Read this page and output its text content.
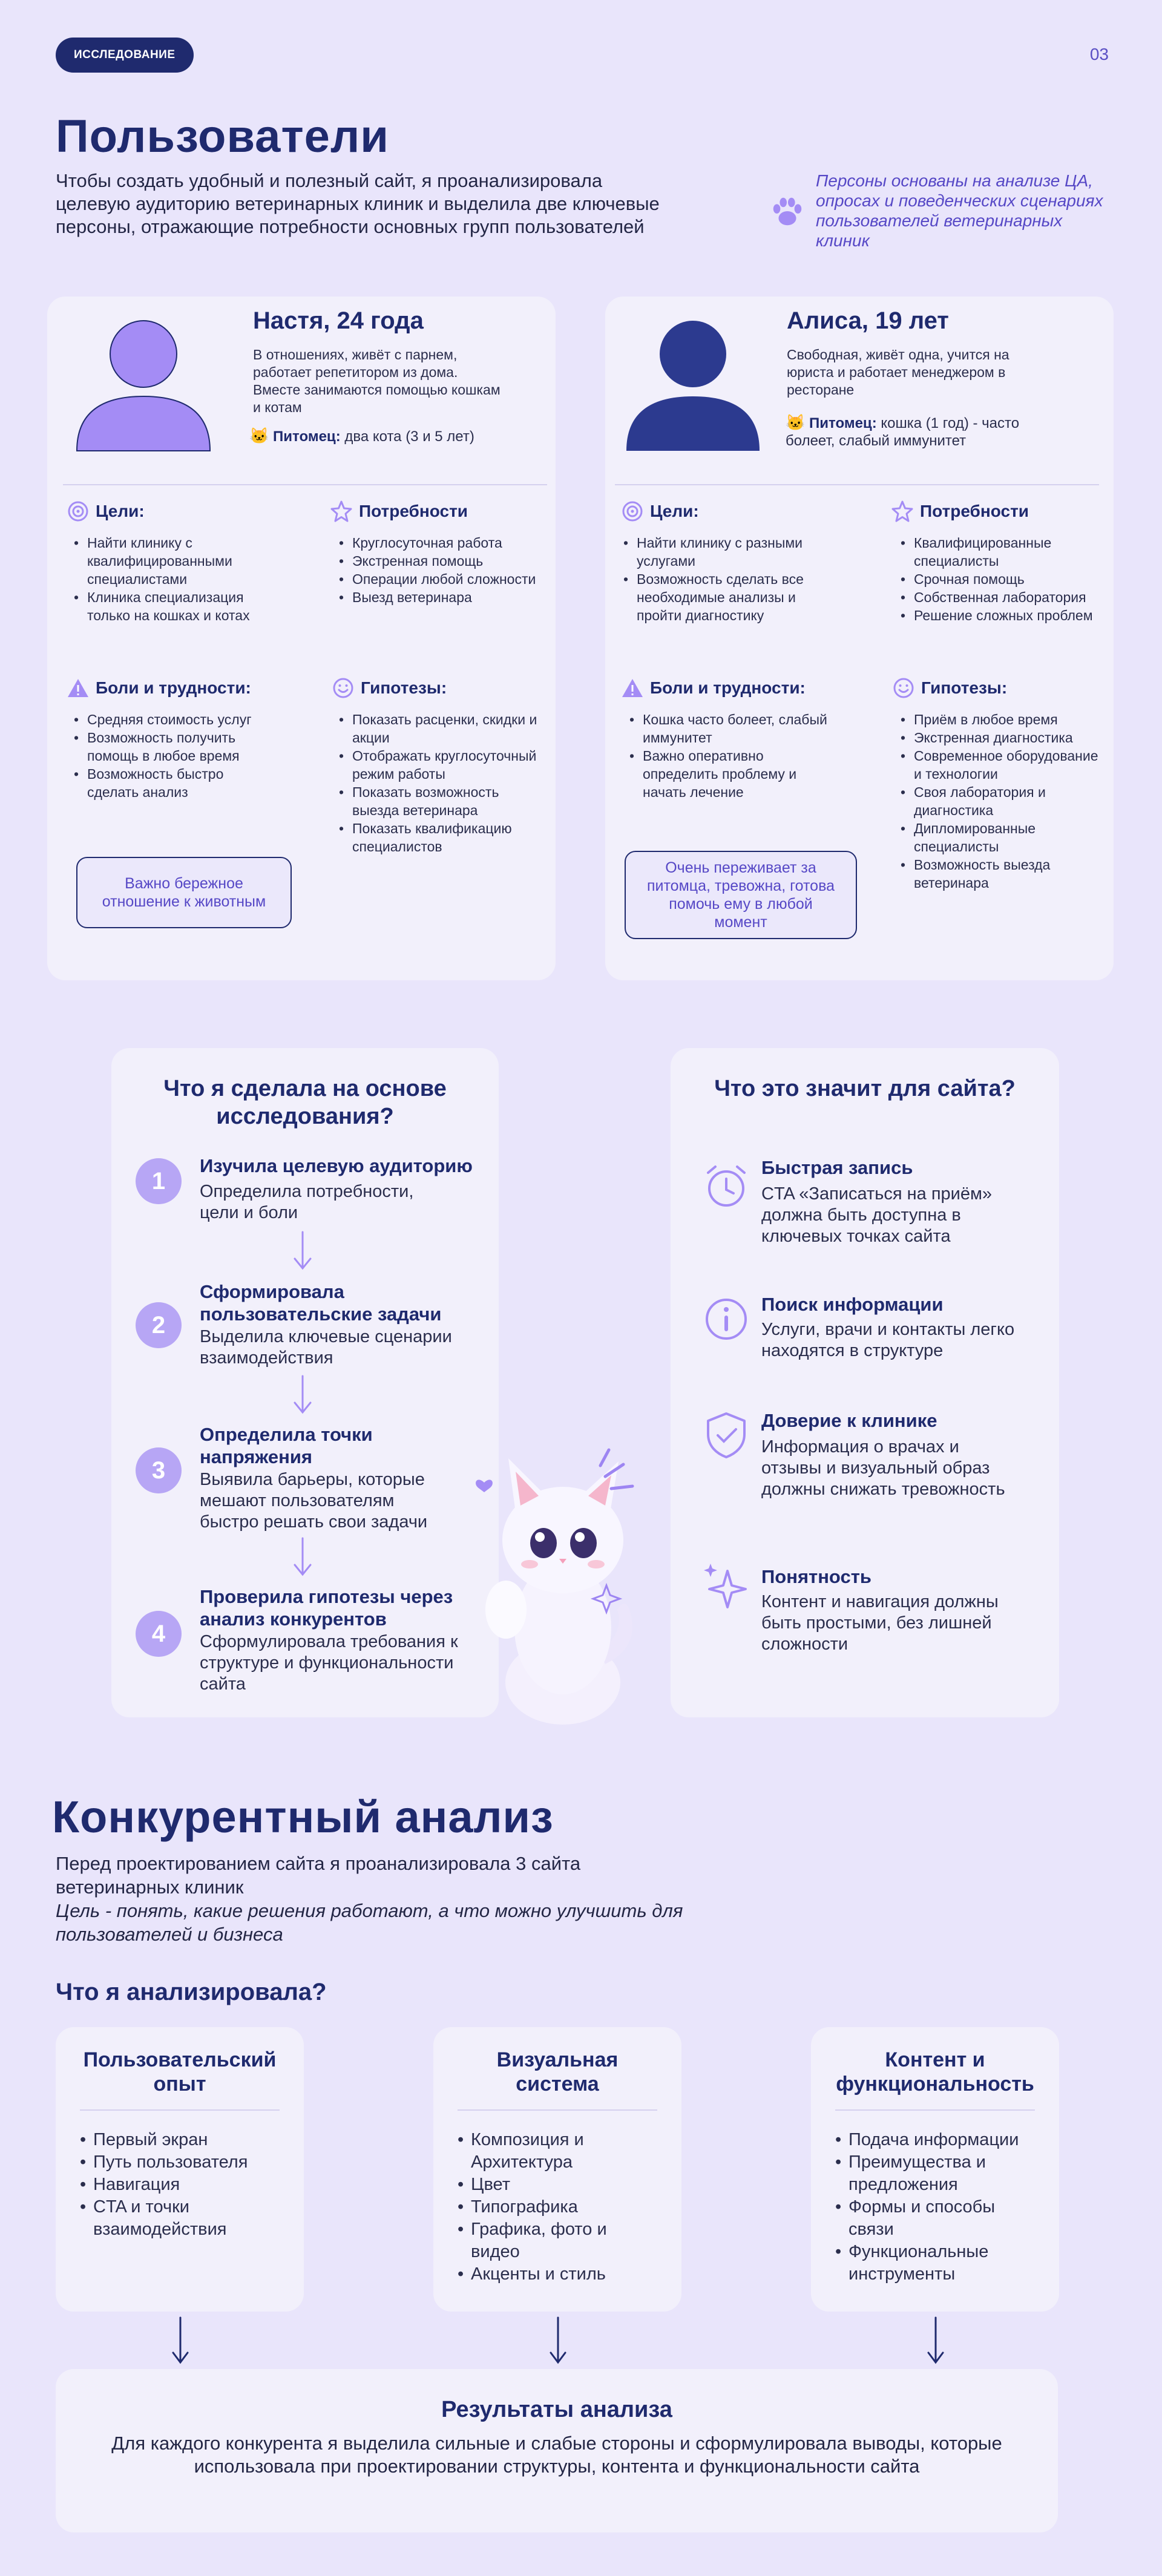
ИССЛЕДОВАНИЕ	03
Пользователи

Чтобы создать удобный и полезный сайт, я проанализировала целевую аудиторию ветеринарных клиник и выделила две ключевые персоны, отражающие потребности основных групп пользователей

Персоны основаны на анализе ЦА, опросах и поведенческих сценариях пользователей ветеринарных клиник

Настя, 24 года
В отношениях, живёт с парнем, работает репетитором из дома. Вместе занимаются помощью кошкам и котам
🐱 Питомец: два кота (3 и 5 лет)
Цели:
• Найти клинику с квалифицированными специалистами
• Клиника специализация только на кошках и котах
Потребности
• Круглосуточная работа
• Экстренная помощь
• Операции любой сложности
• Выезд ветеринара
Боли и трудности:
• Средняя стоимость услуг
• Возможность получить помощь в любое время
• Возможность быстро сделать анализ
Гипотезы:
• Показать расценки, скидки и акции
• Отображать круглосуточный режим работы
• Показать возможность выезда ветеринара
• Показать квалификацию специалистов
Важно бережное отношение к животным
Алиса, 19 лет
Свободная, живёт одна, учится на юриста и работает менеджером в ресторане
🐱 Питомец: кошка (1 год) - часто болеет, слабый иммунитет
Цели:
• Найти клинику с разными услугами
• Возможность сделать все необходимые анализы и пройти диагностику
Потребности
• Квалифицированные специалисты
• Срочная помощь
• Собственная лаборатория
• Решение сложных проблем
Боли и трудности:
• Кошка часто болеет, слабый иммунитет
• Важно оперативно определить проблему и начать лечение
Гипотезы:
• Приём в любое время
• Экстренная диагностика
• Современное оборудование и технологии
• Своя лаборатория и диагностика
• Дипломированные специалисты
• Возможность выезда ветеринара
Очень переживает за питомца, тревожна, готова помочь ему в любой момент
Что я сделала на основе исследования?
1
Изучила целевую аудиторию
Определила потребности, цели и боли
2
Сформировала пользовательские задачи
Выделила ключевые сценарии взаимодействия
3
Определила точки напряжения
Выявила барьеры, которые мешают пользователям быстро решать свои задачи
4
Проверила гипотезы через анализ конкурентов
Сформулировала требования к структуре и функциональности сайта
Что это значит для сайта?
Быстрая запись
CTA «Записаться на приём» должна быть доступна в ключевых точках сайта
Поиск информации
Услуги, врачи и контакты легко находятся в структуре
Доверие к клинике
Информация о врачах и отзывы и визуальный образ должны снижать тревожность
Понятность
Контент и навигация должны быть простыми, без лишней сложности
Конкурентный анализ

Перед проектированием сайта я проанализировала 3 сайта ветеринарных клиник

Цель - понять, какие решения работают, а что можно улучшить для пользователей и бизнеса

Что я анализировала?
Пользовательский опыт
• Первый экран
• Путь пользователя
• Навигация
• CTA и точки взаимодействия
Визуальная система
• Композиция и Архитектура
• Цвет
• Типографика
• Графика, фото и видео
• Акценты и стиль
Контент и функциональность
• Подача информации
• Преимущества и предложения
• Формы и способы связи
• Функциональные инструменты
Результаты анализа

Для каждого конкурента я выделила сильные и слабые стороны и сформулировала выводы, которые использовала при проектировании структуры, контента и функциональности сайта
